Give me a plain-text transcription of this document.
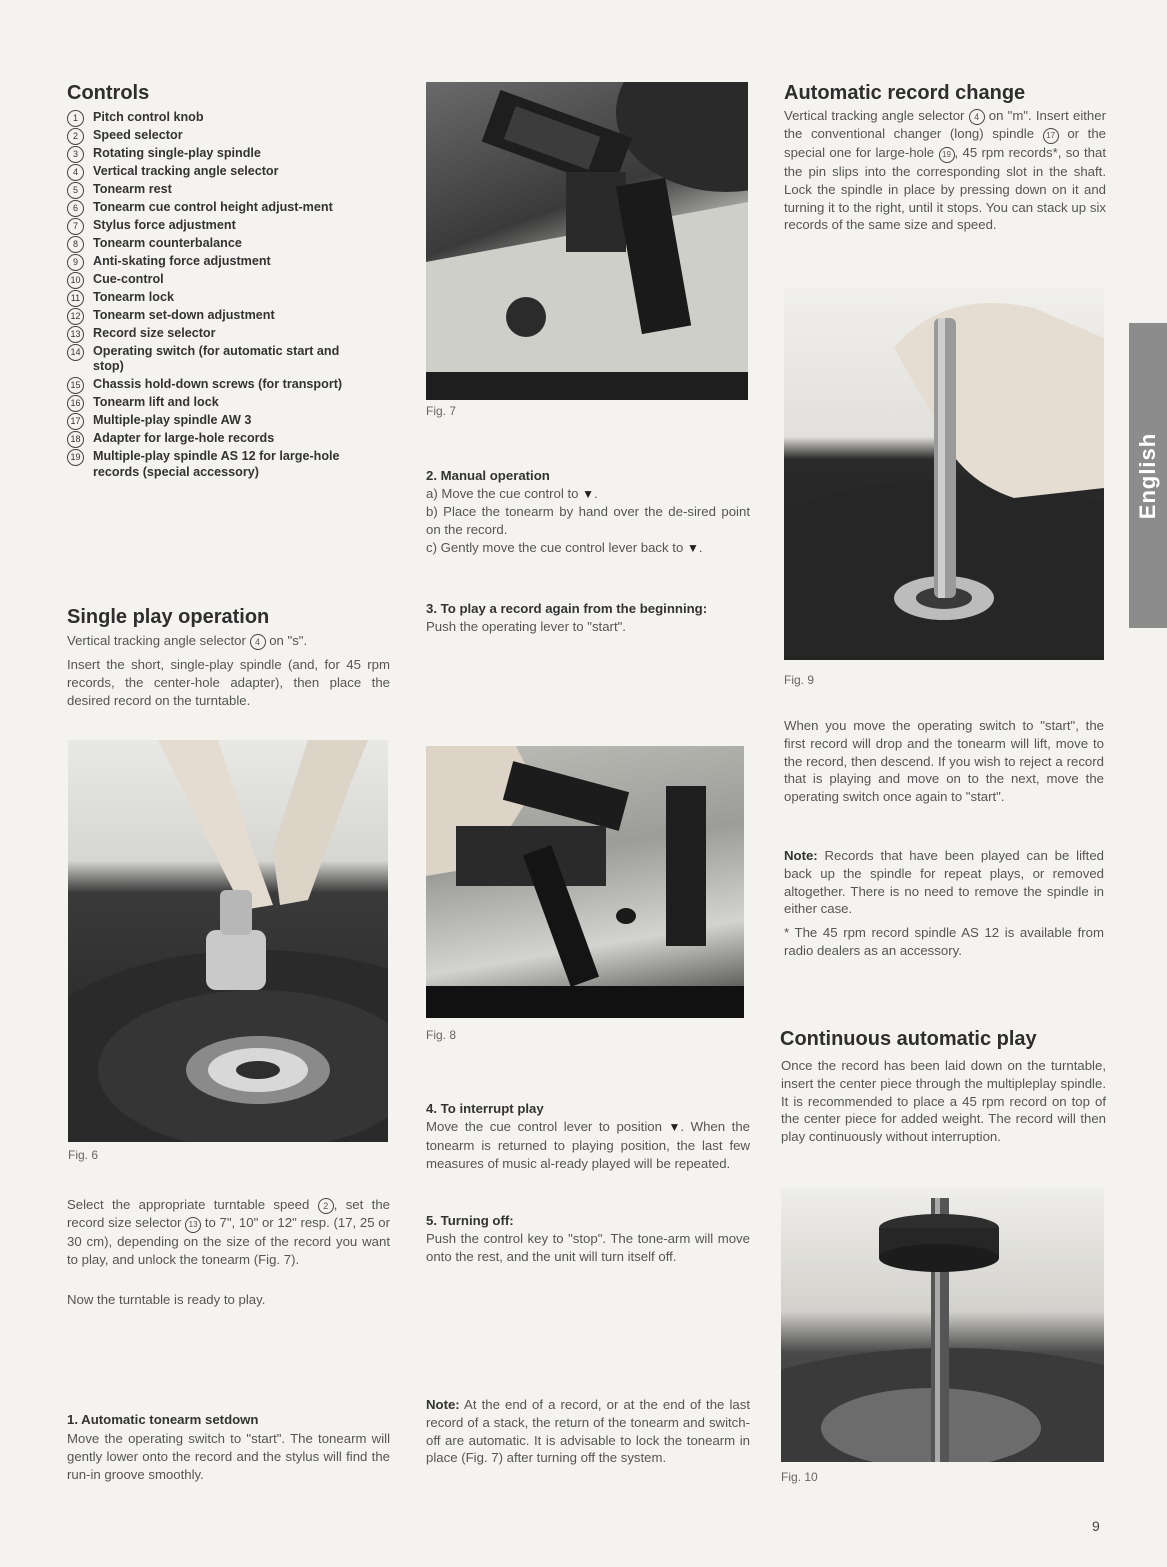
Controls
1	Pitch control knob
2	Speed selector
3	Rotating single-play spindle
4	Vertical tracking angle selector
5	Tonearm rest
6	Tonearm cue control height adjust-ment
7	Stylus force adjustment
8	Tonearm counterbalance
9	Anti-skating force adjustment
10 Cue-control
11	Tonearm lock
12 Tonearm set-down adjustment
13 Record size selector
14 Operating switch (for automatic start and stop)
15 Chassis hold-down screws (for transport)
16 Tonearm lift and lock
17 Multiple-play spindle AW 3
18 Adapter for large-hole records
19 Multiple-play spindle AS 12 for large-hole records (special accessory)
Single play operation

Vertical tracking angle selector 4 on "s".

Insert the short, single-play spindle (and, for 45 rpm records, the center-hole adapter), then place the desired record on the turntable.

Fig. 6

Select the appropriate turntable speed 2 , set the record size selector 13 to 7", 10" or 12" resp. (17, 25 or 30 cm), depending on the size of the record you want to play, and unlock the tonearm (Fig. 7).

Now the turntable is ready to play.

1. Automatic tonearm setdown

Move the operating switch to "start". The tonearm will gently lower onto the record and the stylus will find the run-in groove smoothly.

Fig. 7

2. Manual operation

a) Move the cue control to ▼.

b) Place the tonearm by hand over the de-sired point on the record.

c) Gently move the cue control lever back to ▼.

3. To play a record again from the beginning:

Push the operating lever to "start".

Fig. 8

4. To interrupt play

Move the cue control lever to position ▼. When the tonearm is returned to playing position, the last few measures of music al-ready played will be repeated.

5. Turning off:

Push the control key to "stop". The tone-arm will move onto the rest, and the unit will turn itself off.

Note: At the end of a record, or at the end of the last record of a stack, the return of the tonearm and switch-off are automatic. It is advisable to lock the tonearm in place (Fig. 7) after turning off the system.

Automatic record change

Vertical tracking angle selector 4 on "m". Insert either the conventional changer (long) spindle 17 or the special one for large-hole 19 , 45 rpm records*, so that the pin slips into the corresponding slot in the shaft. Lock the spindle in place by pressing down on it and turning it to the right, until it stops. You can stack up six records of the same size and speed.

Fig. 9

When you move the operating switch to "start", the first record will drop and the tonearm will lift, move to the record, then descend. If you wish to reject a record that is playing and move on to the next, move the operating switch once again to "start".

Note: Records that have been played can be lifted back up the spindle for repeat plays, or removed altogether. There is no need to remove the spindle in either case.

* The 45 rpm record spindle AS 12 is available from radio dealers as an accessory.

Continuous automatic play

Once the record has been laid down on the turntable, insert the center piece through the multipleplay spindle. It is recommended to place a 45 rpm record on top of the center piece for added weight. The record will then play continuously without interruption.

Fig. 10
English
9
